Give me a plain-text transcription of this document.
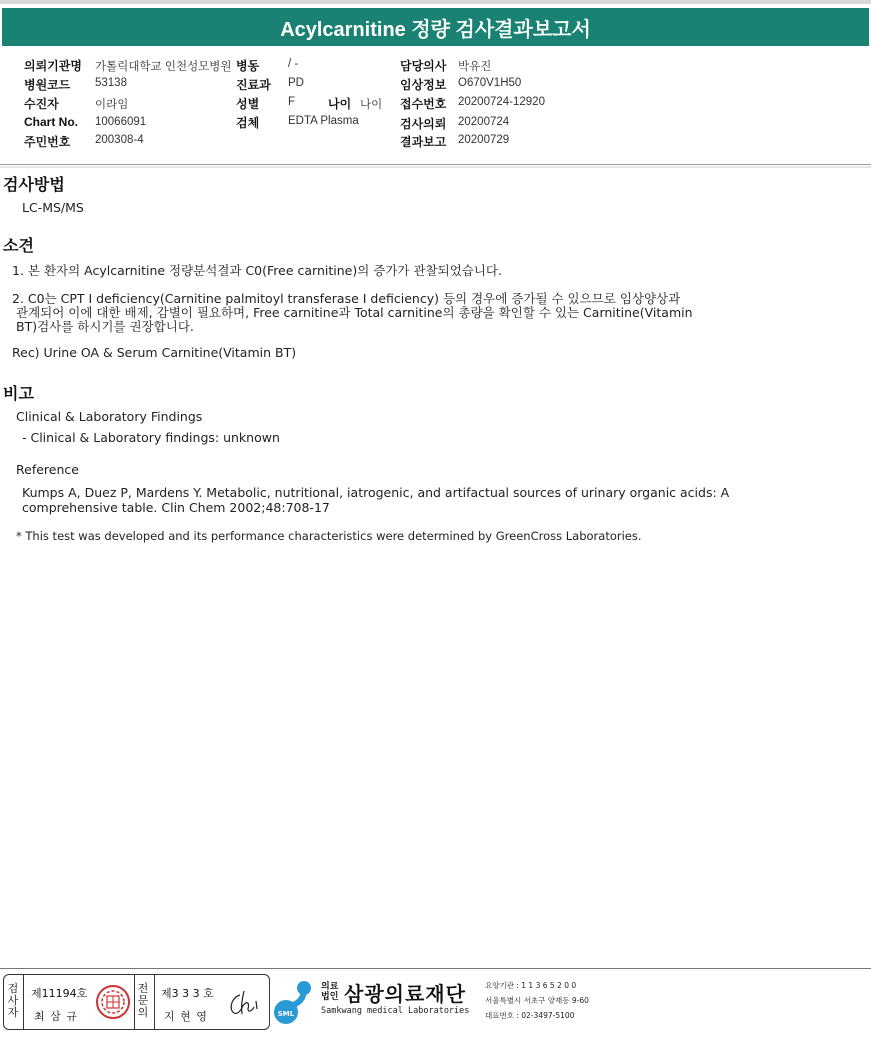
Acylcarnitine 정량 검사결과보고서
의뢰기관명 가톨릭대학교 인천성모병원 병동	/ -	담당의사 박유진
병원코드 53138	진료과 PD	임상정보 O670V1H50
수진자	이라임	성별	F	나이 나이 접수번호 20200724-12920
Chart No. 10066091	검체	EDTA Plasma	검사의뢰 20200724
주민번호 200308-4	결과보고 20200729
검사방법
LC-MS/MS
소견
1. 본 환자의 Acylcarnitine 정량분석결과 C0(Free carnitine)의 증가가 관찰되었습니다.
2. C0는 CPT I deficiency(Carnitine palmitoyl transferase I deficiency) 등의 경우에 증가될 수 있으므로 임상양상과
관계되어 이에 대한 배제, 감별이 필요하며, Free carnitine과 Total carnitine의 총량을 확인할 수 있는 Carnitine(Vitamin
BT)검사를 하시기를 권장합니다.
Rec) Urine OA & Serum Carnitine(Vitamin BT)
비고
Clinical & Laboratory Findings
- Clinical & Laboratory findings: unknown
Reference
Kumps A, Duez P, Mardens Y. Metabolic, nutritional, iatrogenic, and artifactual sources of urinary organic acids: A
comprehensive table. Clin Chem 2002;48:708-17
* This test was developed and its performance characteristics were determined by GreenCross Laboratories.
검사자
제11194호
최 삼 규
전문의
제3 3 3 호
지 현 영	SML
의료
법인 삼광의료재단
Samkwang medical Laboratories
요양기관 : 1 1 3 6 5 2 0 0
서울특별시 서초구 양재동 9-60
대표번호 : 02-3497-5100
